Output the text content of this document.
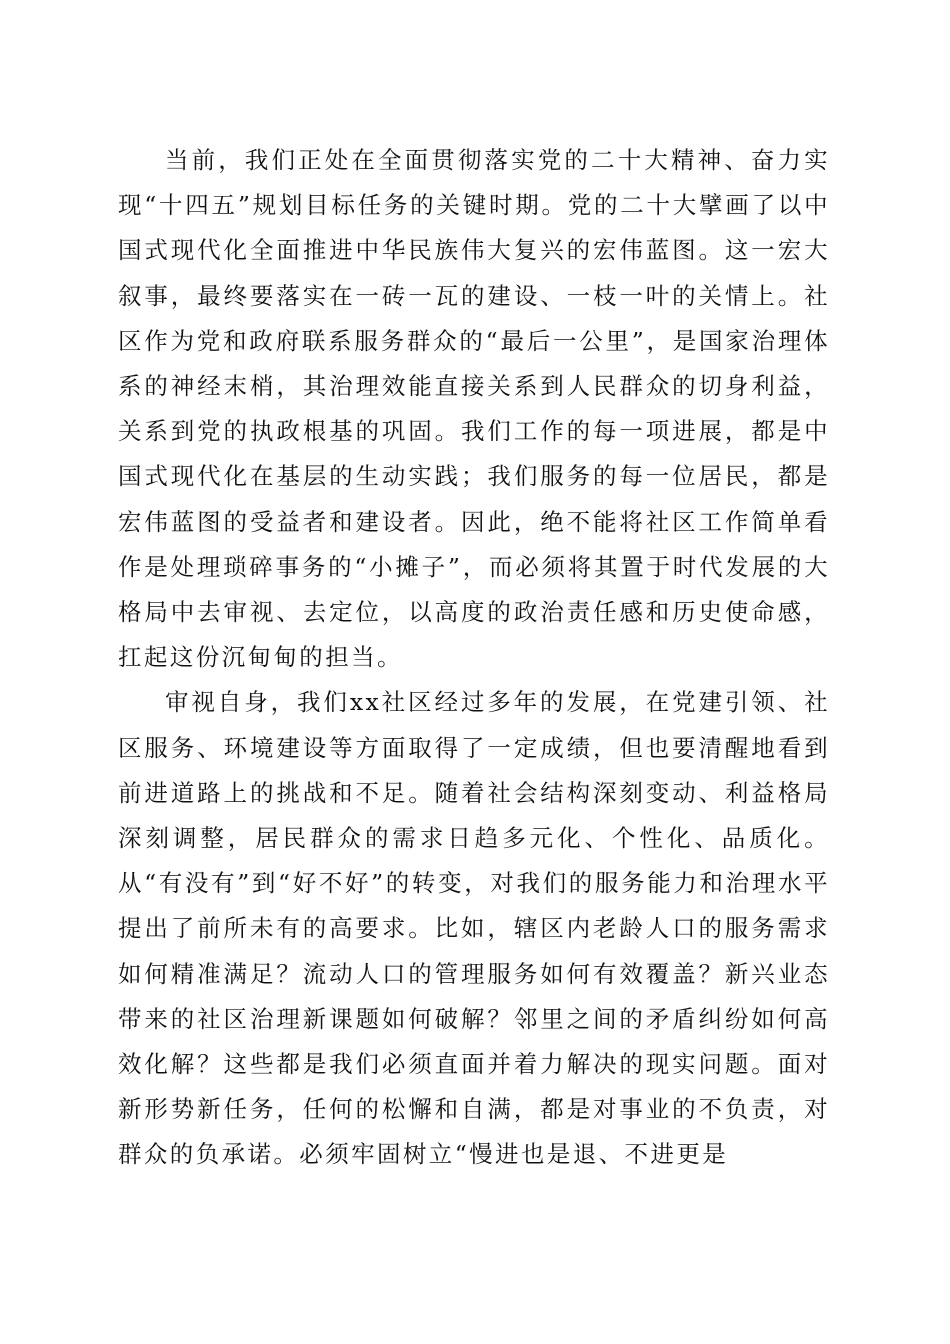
当前，我们正处在全面贯彻落实党的二十大精神、奋力实现“十四五”规划目标任务的关键时期。党的二十大擘画了以中国式现代化全面推进中华民族伟大复兴的宏伟蓝图。这一宏大叙事，最终要落实在一砖一瓦的建设、一枝一叶的关情上。社区作为党和政府联系服务群众的“最后一公里”，是国家治理体系的神经末梢，其治理效能直接关系到人民群众的切身利益，关系到党的执政根基的巩固。我们工作的每一项进展，都是中国式现代化在基层的生动实践；我们服务的每一位居民，都是宏伟蓝图的受益者和建设者。因此，绝不能将社区工作简单看作是处理琐碎事务的“小摊子”，而必须将其置于时代发展的大格局中去审视、去定位，以高度的政治责任感和历史使命感，扛起这份沉甸甸的担当。

审视自身，我们xx社区经过多年的发展，在党建引领、社区服务、环境建设等方面取得了一定成绩，但也要清醒地看到前进道路上的挑战和不足。随着社会结构深刻变动、利益格局深刻调整，居民群众的需求日趋多元化、个性化、品质化。从“有没有”到“好不好”的转变，对我们的服务能力和治理水平提出了前所未有的高要求。比如，辖区内老龄人口的服务需求如何精准满足？流动人口的管理服务如何有效覆盖？新兴业态带来的社区治理新课题如何破解？邻里之间的矛盾纠纷如何高效化解？这些都是我们必须直面并着力解决的现实问题。面对新形势新任务，任何的松懈和自满，都是对事业的不负责，对群众的负承诺。必须牢固树立“慢进也是退、不进更是
